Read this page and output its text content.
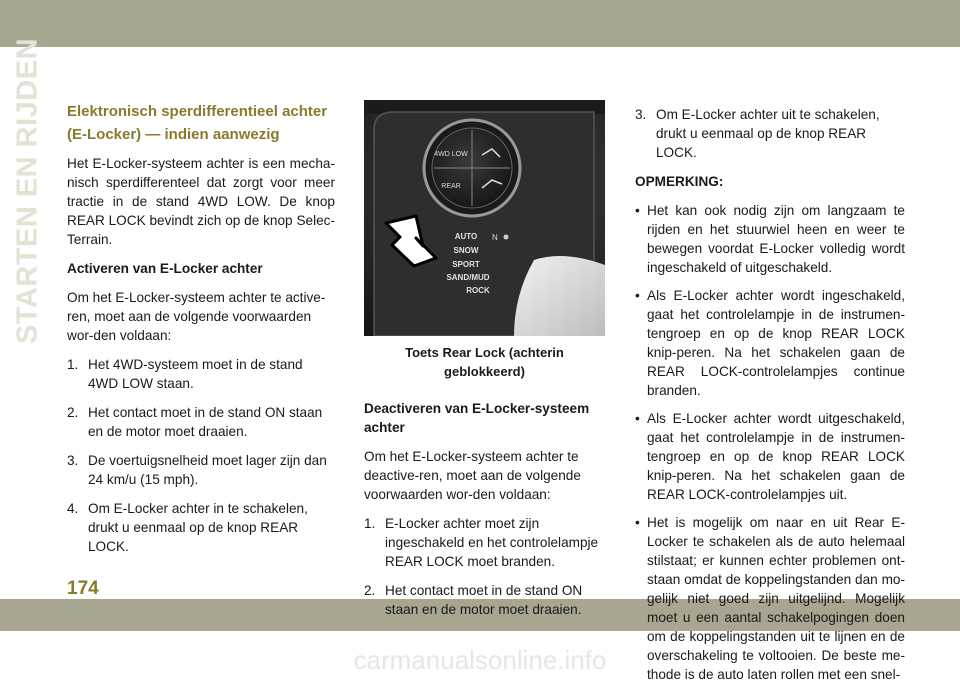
carmanualsonline.info
STARTEN EN RIJDEN Elektronisch sperdifferentieel achter
(E-Locker) — indien aanwezig

Het E-Locker-systeem achter is een mecha-nisch sperdifferenteel dat zorgt voor meer tractie in de stand 4WD LOW. De knop REAR LOCK bevindt zich op de knop Selec-Terrain.

Activeren van E-Locker achter

Om het E-Locker-systeem achter te active-ren, moet aan de volgende voorwaarden wor-den voldaan:

1. Het 4WD-systeem moet in de stand 4WD LOW staan.
2. Het contact moet in de stand ON staan en de motor moet draaien.
3. De voertuigsnelheid moet lager zijn dan 24 km/u (15 mph).
4. Om E-Locker achter in te schakelen, drukt u eenmaal op de knop REAR LOCK.
4WD LOW
REAR
N
AUTO
SNOW
SPORT
SAND/MUD
ROCK
Toets Rear Lock (achterin geblokkeerd)
Deactiveren van E-Locker-systeem achter

Om het E-Locker-systeem achter te deactive-ren, moet aan de volgende voorwaarden wor-den voldaan:

1. E-Locker achter moet zijn ingeschakeld en het controlelampje REAR LOCK moet branden.
2. Het contact moet in de stand ON staan en de motor moet draaien.
3. Om E-Locker achter uit te schakelen, drukt u eenmaal op de knop REAR LOCK.
OPMERKING:
• Het kan ook nodig zijn om langzaam te rijden en het stuurwiel heen en weer te bewegen voordat E-Locker volledig wordt ingeschakeld of uitgeschakeld.
• Als E-Locker achter wordt ingeschakeld, gaat het controlelampje in de instrumen-tengroep en op de knop REAR LOCK knip-peren. Na het schakelen gaan de REAR LOCK-controlelampjes continue branden.
• Als E-Locker achter wordt uitgeschakeld, gaat het controlelampje in de instrumen-tengroep en op de knop REAR LOCK knip-peren. Na het schakelen gaan de REAR LOCK-controlelampjes uit.
• Het is mogelijk om naar en uit Rear E-Locker te schakelen als de auto helemaal stilstaat; er kunnen echter problemen ont-staan omdat de koppelingstanden dan mo-gelijk niet goed zijn uitgelijnd. Mogelijk moet u een aantal schakelpogingen doen om de koppelingstanden uit te lijnen en de overschakeling te voltooien. De beste me-thode is de auto laten rollen met een snel-
174
